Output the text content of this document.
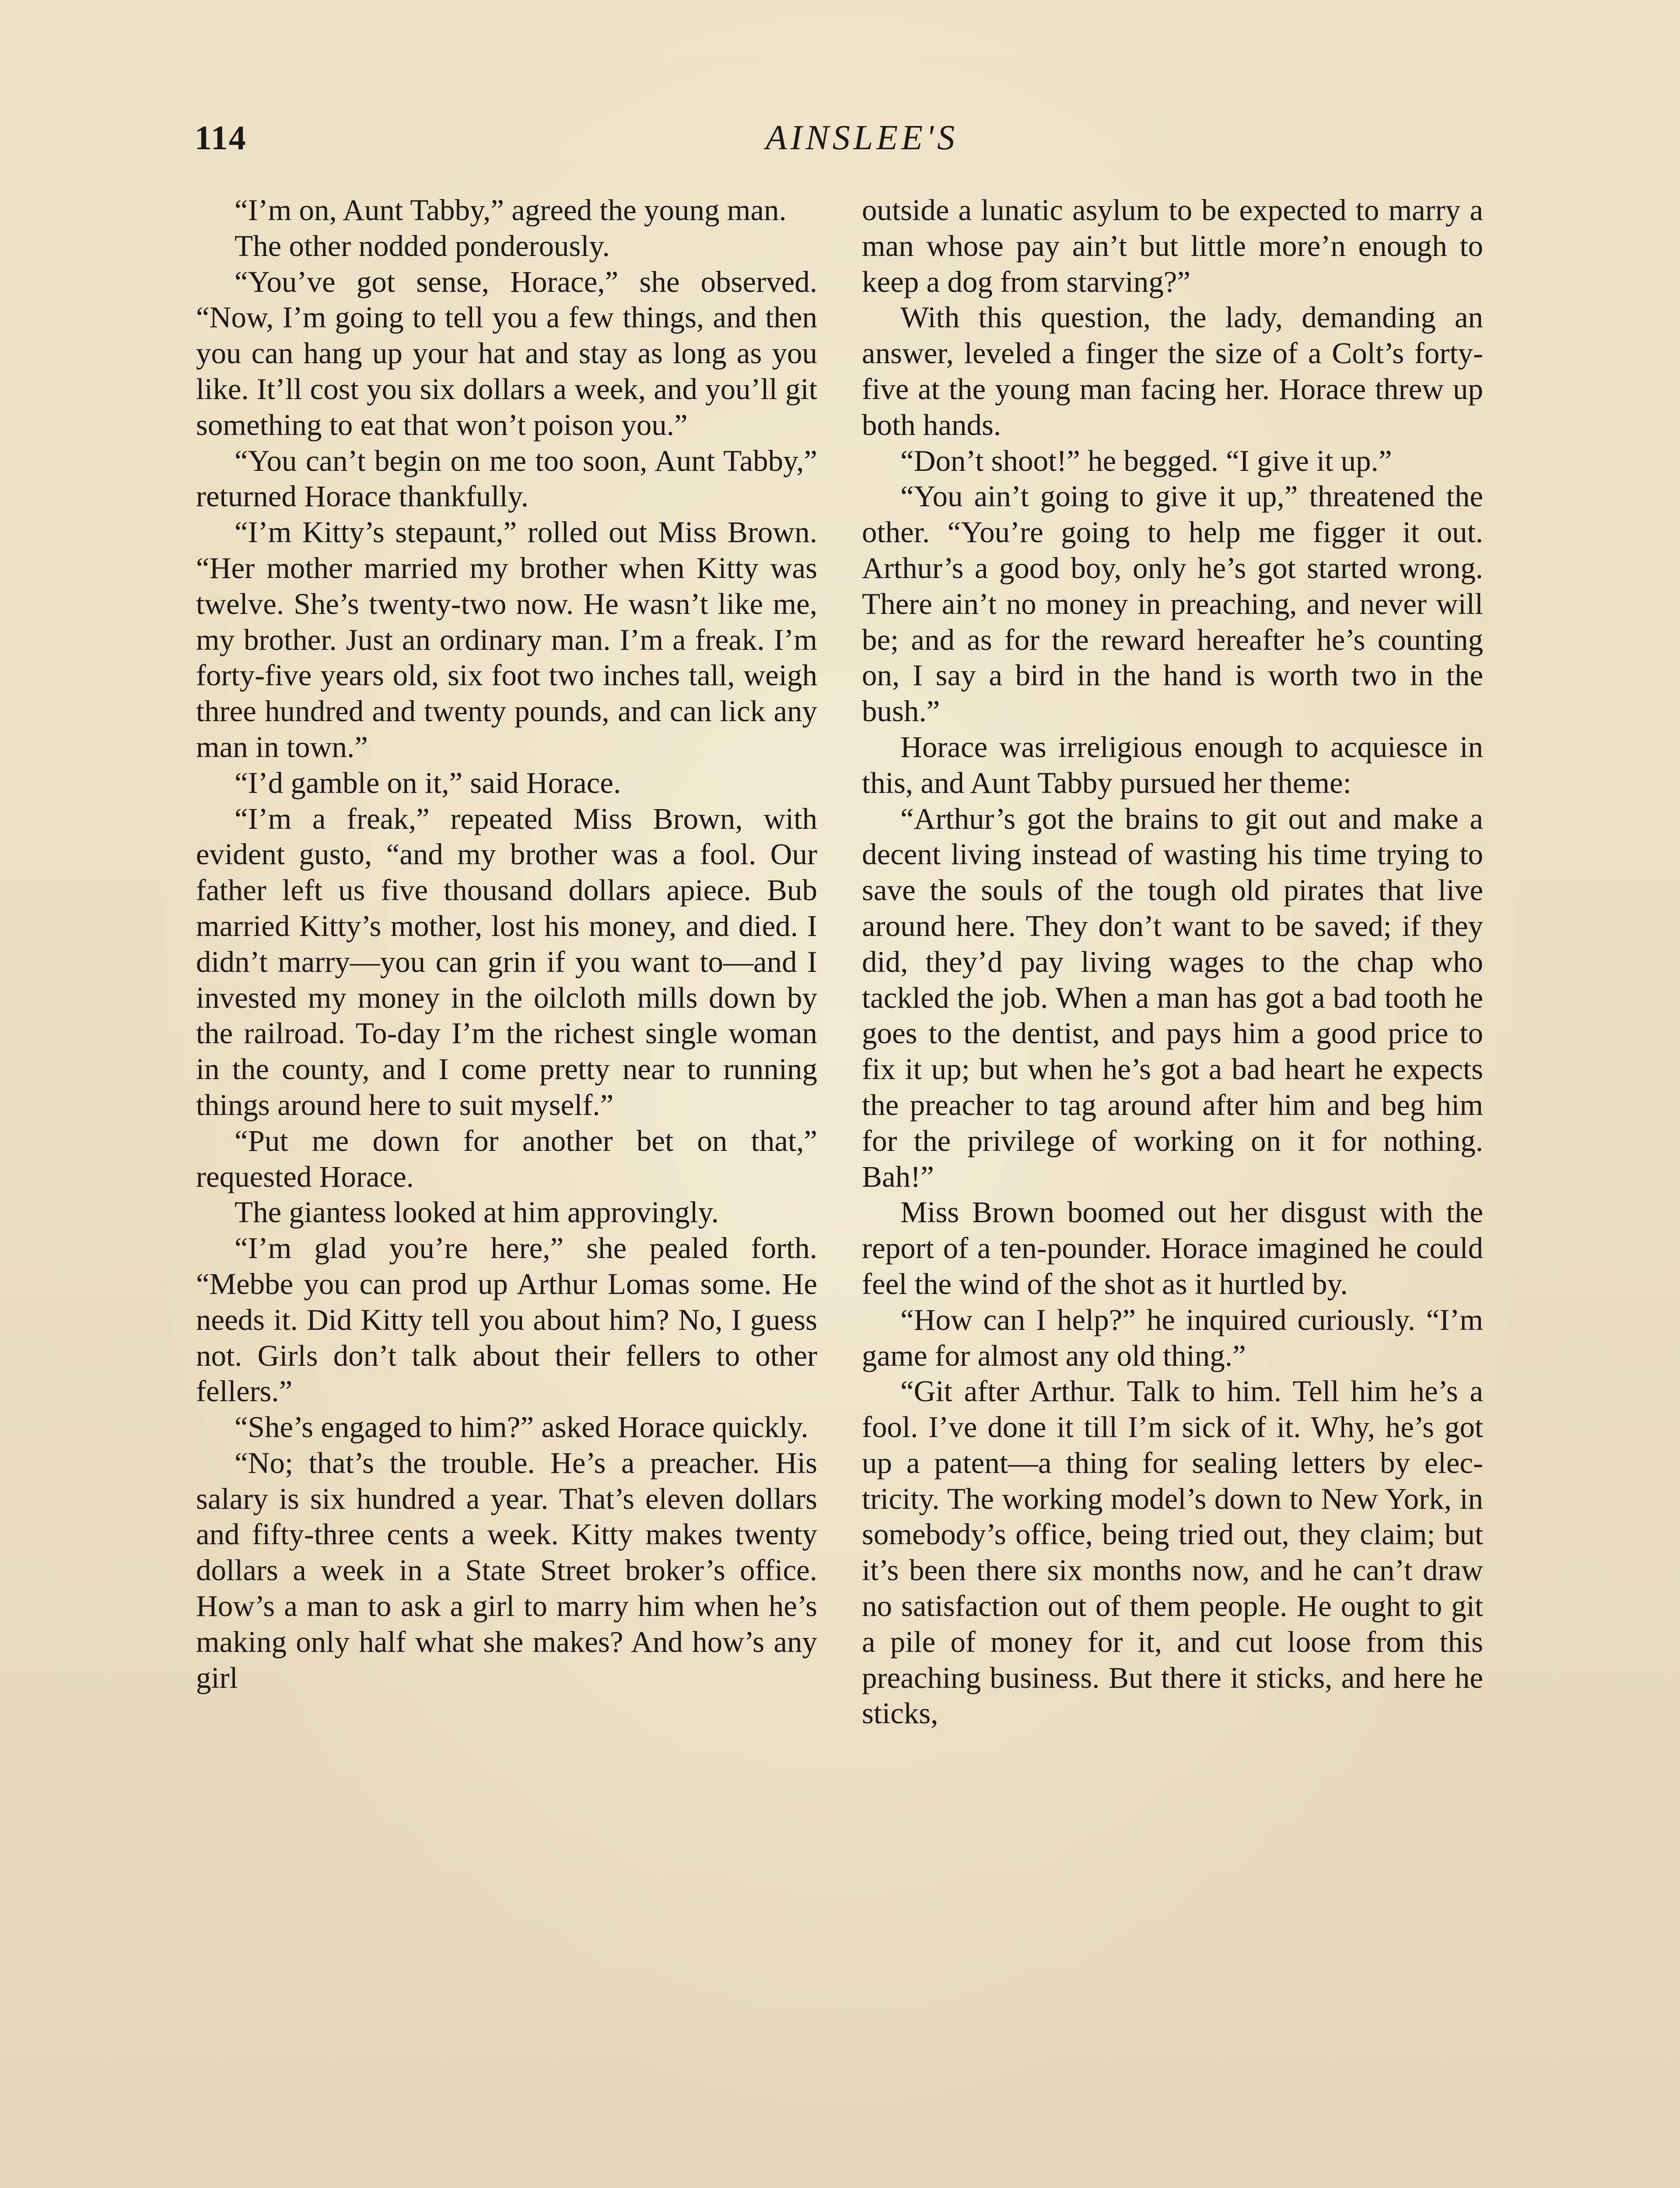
114	AINSLEE'S

“I’m on, Aunt Tabby,” agreed the young man.

The other nodded ponderously.

“You’ve got sense, Horace,” she observed. “Now, I’m going to tell you a few things, and then you can hang up your hat and stay as long as you like. It’ll cost you six dollars a week, and you’ll git something to eat that won’t poison you.”

“You can’t begin on me too soon, Aunt Tabby,” returned Horace thankfully.

“I’m Kitty’s stepaunt,” rolled out Miss Brown. “Her mother married my brother when Kitty was twelve. She’s twenty-two now. He wasn’t like me, my brother. Just an ordinary man. I’m a freak. I’m forty-five years old, six foot two inches tall, weigh three hundred and twenty pounds, and can lick any man in town.”

“I’d gamble on it,” said Horace.

“I’m a freak,” repeated Miss Brown, with evident gusto, “and my brother was a fool. Our father left us five thousand dollars apiece. Bub married Kitty’s mother, lost his money, and died. I didn’t marry—you can grin if you want to—and I invested my money in the oilcloth mills down by the railroad. To-day I’m the richest single woman in the county, and I come pretty near to running things around here to suit myself.”

“Put me down for another bet on that,” requested Horace.

The giantess looked at him approvingly.

“I’m glad you’re here,” she pealed forth. “Mebbe you can prod up Arthur Lomas some. He needs it. Did Kitty tell you about him? No, I guess not. Girls don’t talk about their fellers to other fellers.”

“She’s engaged to him?” asked Horace quickly.

“No; that’s the trouble. He’s a preacher. His salary is six hundred a year. That’s eleven dollars and fifty-three cents a week. Kitty makes twenty dollars a week in a State Street broker’s office. How’s a man to ask a girl to marry him when he’s making only half what she makes? And how’s any girl

outside a lunatic asylum to be expected to marry a man whose pay ain’t but little more’n enough to keep a dog from starving?”

With this question, the lady, demanding an answer, leveled a finger the size of a Colt’s forty-five at the young man facing her. Horace threw up both hands.

“Don’t shoot!” he begged. “I give it up.”

“You ain’t going to give it up,” threatened the other. “You’re going to help me figger it out. Arthur’s a good boy, only he’s got started wrong. There ain’t no money in preaching, and never will be; and as for the reward hereafter he’s counting on, I say a bird in the hand is worth two in the bush.”

Horace was irreligious enough to acquiesce in this, and Aunt Tabby pursued her theme:

“Arthur’s got the brains to git out and make a decent living instead of wasting his time trying to save the souls of the tough old pirates that live around here. They don’t want to be saved; if they did, they’d pay living wages to the chap who tackled the job. When a man has got a bad tooth he goes to the dentist, and pays him a good price to fix it up; but when he’s got a bad heart he expects the preacher to tag around after him and beg him for the privilege of working on it for nothing. Bah!”

Miss Brown boomed out her disgust with the report of a ten-pounder. Horace imagined he could feel the wind of the shot as it hurtled by.

“How can I help?” he inquired curiously. “I’m game for almost any old thing.”

“Git after Arthur. Talk to him. Tell him he’s a fool. I’ve done it till I’m sick of it. Why, he’s got up a patent—a thing for sealing letters by electricity. The working model’s down to New York, in somebody’s office, being tried out, they claim; but it’s been there six months now, and he can’t draw no satisfaction out of them people. He ought to git a pile of money for it, and cut loose from this preaching business. But there it sticks, and here he sticks,
